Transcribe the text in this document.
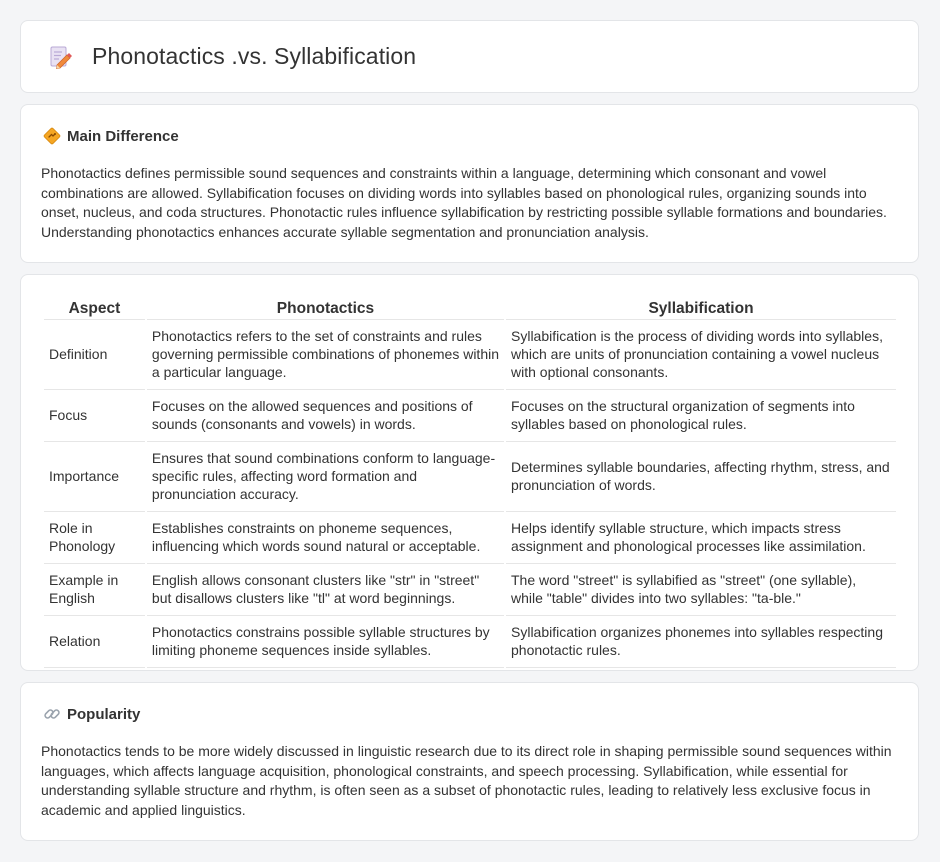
Phonotactics .vs. Syllabification
Main Difference

Phonotactics defines permissible sound sequences and constraints within a language, determining which consonant and vowel combinations are allowed. Syllabification focuses on dividing words into syllables based on phonological rules, organizing sounds into onset, nucleus, and coda structures. Phonotactic rules influence syllabification by restricting possible syllable formations and boundaries. Understanding phonotactics enhances accurate syllable segmentation and pronunciation analysis.

Aspect	Phonotactics	Syllabification
Definition	Phonotactics refers to the set of constraints and rules governing permissible combinations of phonemes within a particular language.	Syllabification is the process of dividing words into syllables, which are units of pronunciation containing a vowel nucleus with optional consonants.
Focus	Focuses on the allowed sequences and positions of sounds (consonants and vowels) in words.	Focuses on the structural organization of segments into syllables based on phonological rules.
Importance	Ensures that sound combinations conform to language-specific rules, affecting word formation and pronunciation accuracy.	Determines syllable boundaries, affecting rhythm, stress, and pronunciation of words.
Role in Phonology	Establishes constraints on phoneme sequences, influencing which words sound natural or acceptable.	Helps identify syllable structure, which impacts stress assignment and phonological processes like assimilation.
Example in English	English allows consonant clusters like "str" in "street" but disallows clusters like "tl" at word beginnings.	The word "street" is syllabified as "street" (one syllable), while "table" divides into two syllables: "ta-ble."
Relation	Phonotactics constrains possible syllable structures by limiting phoneme sequences inside syllables.	Syllabification organizes phonemes into syllables respecting phonotactic rules.
Popularity

Phonotactics tends to be more widely discussed in linguistic research due to its direct role in shaping permissible sound sequences within languages, which affects language acquisition, phonological constraints, and speech processing. Syllabification, while essential for understanding syllable structure and rhythm, is often seen as a subset of phonotactic rules, leading to relatively less exclusive focus in academic and applied linguistics.
